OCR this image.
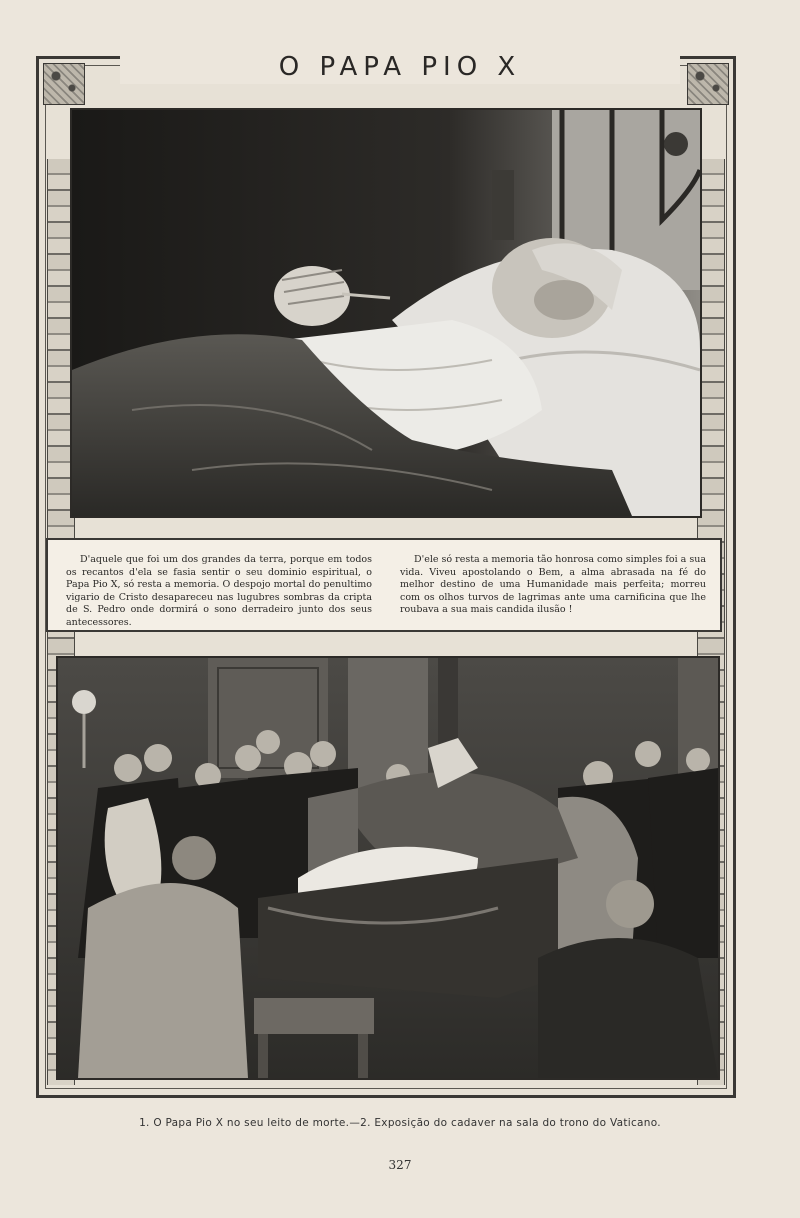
O PAPA PIO X
D'aquele que foi um dos grandes da terra, porque em todos os recantos d'ela se fasia sentir o seu dominio espiritual, o Papa Pio X, só resta a memoria. O despojo mortal do penultimo vigario de Cristo desapareceu nas lugubres sombras da cripta de S. Pedro onde dormirá o sono derradeiro junto dos seus antecessores.
D'ele só resta a memoria tão honrosa como simples foi a sua vida. Viveu apostolando o Bem, a alma abrasada na fé do melhor destino de uma Humanidade mais perfeita; morreu com os olhos turvos de lagrimas ante uma carnificina que lhe roubava a sua mais candida ilusão !
1. O Papa Pio X no seu leito de morte.—2. Exposição do cadaver na sala do trono do Vaticano.
327
